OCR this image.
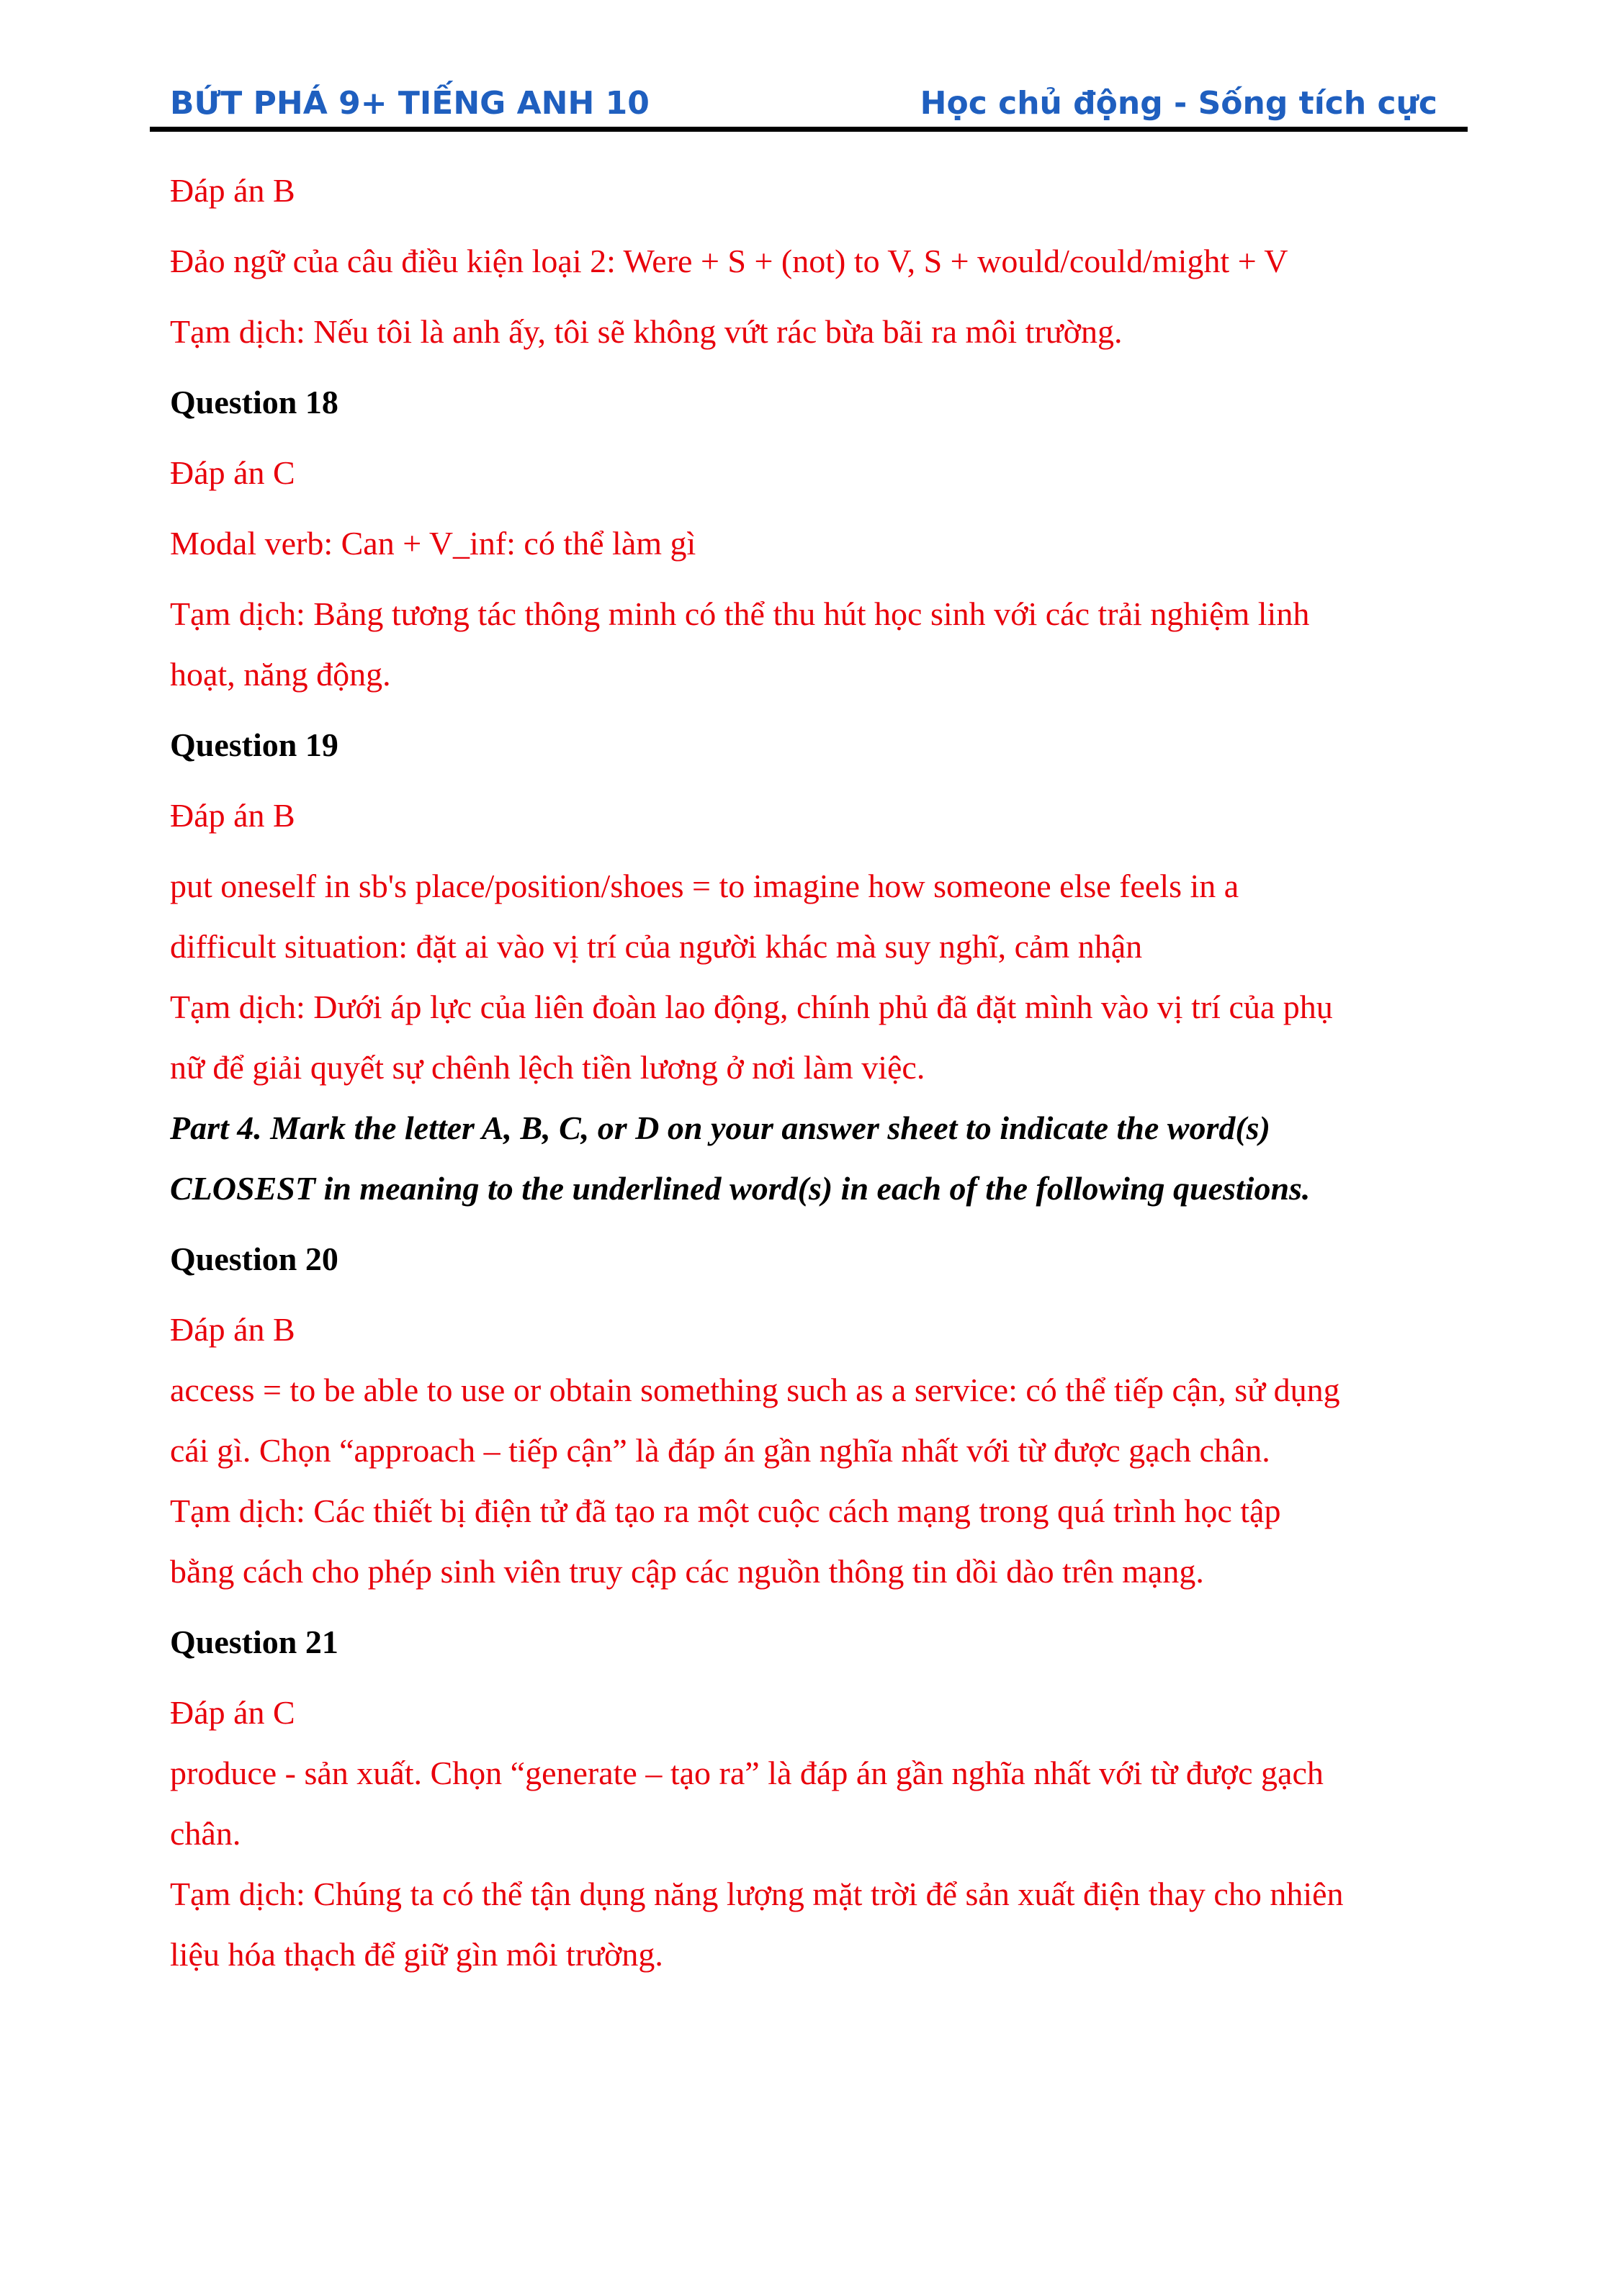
BỨT PHÁ 9+ TIẾNG ANH 10	Học chủ động - Sống tích cực
Đáp án B
Đảo ngữ của câu điều kiện loại 2: Were + S + (not) to V, S + would/could/might + V
Tạm dịch: Nếu tôi là anh ấy, tôi sẽ không vứt rác bừa bãi ra môi trường.
Question 18
Đáp án C
Modal verb: Can + V_inf: có thể làm gì
Tạm dịch: Bảng tương tác thông minh có thể thu hút học sinh với các trải nghiệm linh
hoạt, năng động.
Question 19
Đáp án B
put oneself in sb's place/position/shoes = to imagine how someone else feels in a
difficult situation: đặt ai vào vị trí của người khác mà suy nghĩ, cảm nhận
Tạm dịch: Dưới áp lực của liên đoàn lao động, chính phủ đã đặt mình vào vị trí của phụ
nữ để giải quyết sự chênh lệch tiền lương ở nơi làm việc.
Part 4. Mark the letter A, B, C, or D on your answer sheet to indicate the word(s)
CLOSEST in meaning to the underlined word(s) in each of the following questions.
Question 20
Đáp án B
access = to be able to use or obtain something such as a service: có thể tiếp cận, sử dụng
cái gì. Chọn “approach – tiếp cận” là đáp án gần nghĩa nhất với từ được gạch chân.
Tạm dịch: Các thiết bị điện tử đã tạo ra một cuộc cách mạng trong quá trình học tập
bằng cách cho phép sinh viên truy cập các nguồn thông tin dồi dào trên mạng.
Question 21
Đáp án C
produce - sản xuất. Chọn “generate – tạo ra” là đáp án gần nghĩa nhất với từ được gạch
chân.
Tạm dịch: Chúng ta có thể tận dụng năng lượng mặt trời để sản xuất điện thay cho nhiên
liệu hóa thạch để giữ gìn môi trường.
